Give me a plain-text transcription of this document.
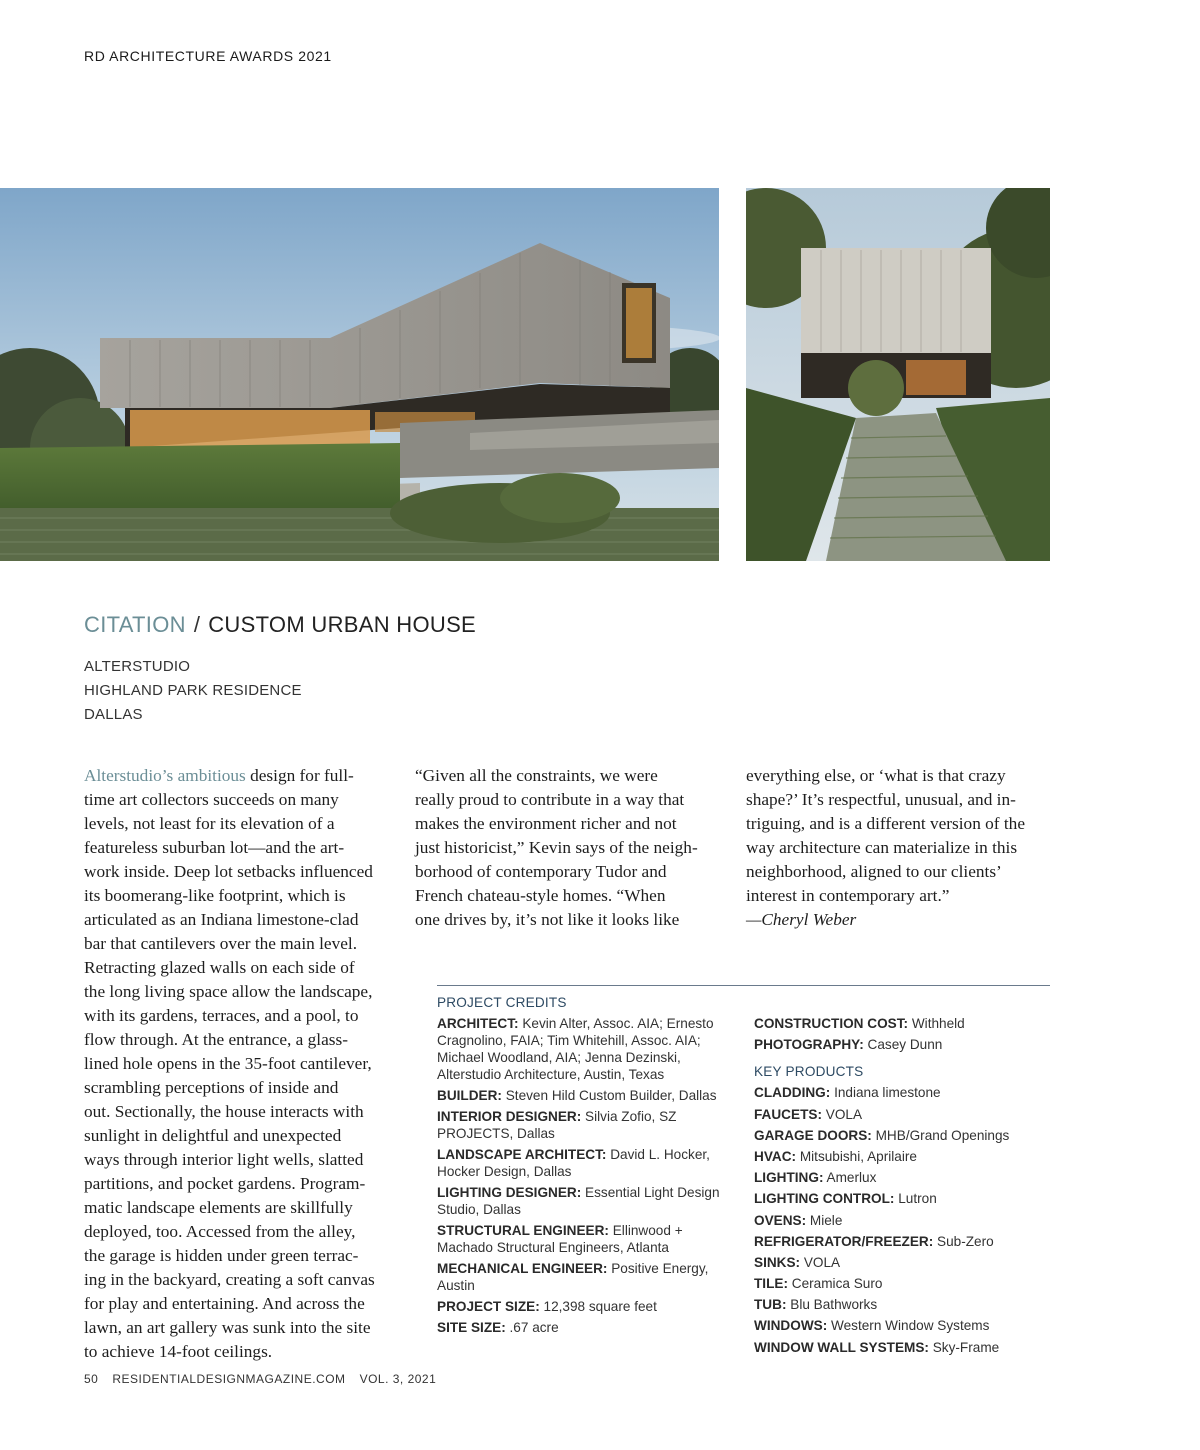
RD ARCHITECTURE AWARDS 2021
CITATION / CUSTOM URBAN HOUSE
ALTERSTUDIO
HIGHLAND PARK RESIDENCE
DALLAS
Alterstudio’s ambitious design for full-
time art collectors succeeds on many
levels, not least for its elevation of a
featureless suburban lot—and the art-
work inside. Deep lot setbacks influenced
its boomerang-like footprint, which is
articulated as an Indiana limestone-clad
bar that cantilevers over the main level.
Retracting glazed walls on each side of
the long living space allow the landscape,
with its gardens, terraces, and a pool, to
flow through. At the entrance, a glass-
lined hole opens in the 35-foot cantilever,
scrambling perceptions of inside and
out. Sectionally, the house interacts with
sunlight in delightful and unexpected
ways through interior light wells, slatted
partitions, and pocket gardens. Program-
matic landscape elements are skillfully
deployed, too. Accessed from the alley,
the garage is hidden under green terrac-
ing in the backyard, creating a soft canvas
for play and entertaining. And across the
lawn, an art gallery was sunk into the site
to achieve 14-foot ceilings.
“Given all the constraints, we were
really proud to contribute in a way that
makes the environment richer and not
just historicist,” Kevin says of the neigh-
borhood of contemporary Tudor and
French chateau-style homes. “When
one drives by, it’s not like it looks like
everything else, or ‘what is that crazy
shape?’ It’s respectful, unusual, and in-
triguing, and is a different version of the
way architecture can materialize in this
neighborhood, aligned to our clients’
interest in contemporary art.”
—Cheryl Weber
PROJECT CREDITS
ARCHITECT: Kevin Alter, Assoc. AIA; Ernesto Cragnolino, FAIA; Tim Whitehill, Assoc. AIA; Michael Woodland, AIA; Jenna Dezinski, Alterstudio Architecture, Austin, Texas
BUILDER: Steven Hild Custom Builder, Dallas
INTERIOR DESIGNER: Silvia Zofio, SZ PROJECTS, Dallas
LANDSCAPE ARCHITECT: David L. Hocker, Hocker Design, Dallas
LIGHTING DESIGNER: Essential Light Design Studio, Dallas
STRUCTURAL ENGINEER: Ellinwood + Machado Structural Engineers, Atlanta
MECHANICAL ENGINEER: Positive Energy, Austin
PROJECT SIZE: 12,398 square feet
SITE SIZE: .67 acre
CONSTRUCTION COST: Withheld
PHOTOGRAPHY: Casey Dunn
KEY PRODUCTS
CLADDING: Indiana limestone
FAUCETS: VOLA
GARAGE DOORS: MHB/Grand Openings
HVAC: Mitsubishi, Aprilaire
LIGHTING: Amerlux
LIGHTING CONTROL: Lutron
OVENS: Miele
REFRIGERATOR/FREEZER: Sub-Zero
SINKS: VOLA
TILE: Ceramica Suro
TUB: Blu Bathworks
WINDOWS: Western Window Systems
WINDOW WALL SYSTEMS: Sky-Frame
50 RESIDENTIALDESIGNMAGAZINE.COM VOL. 3, 2021
